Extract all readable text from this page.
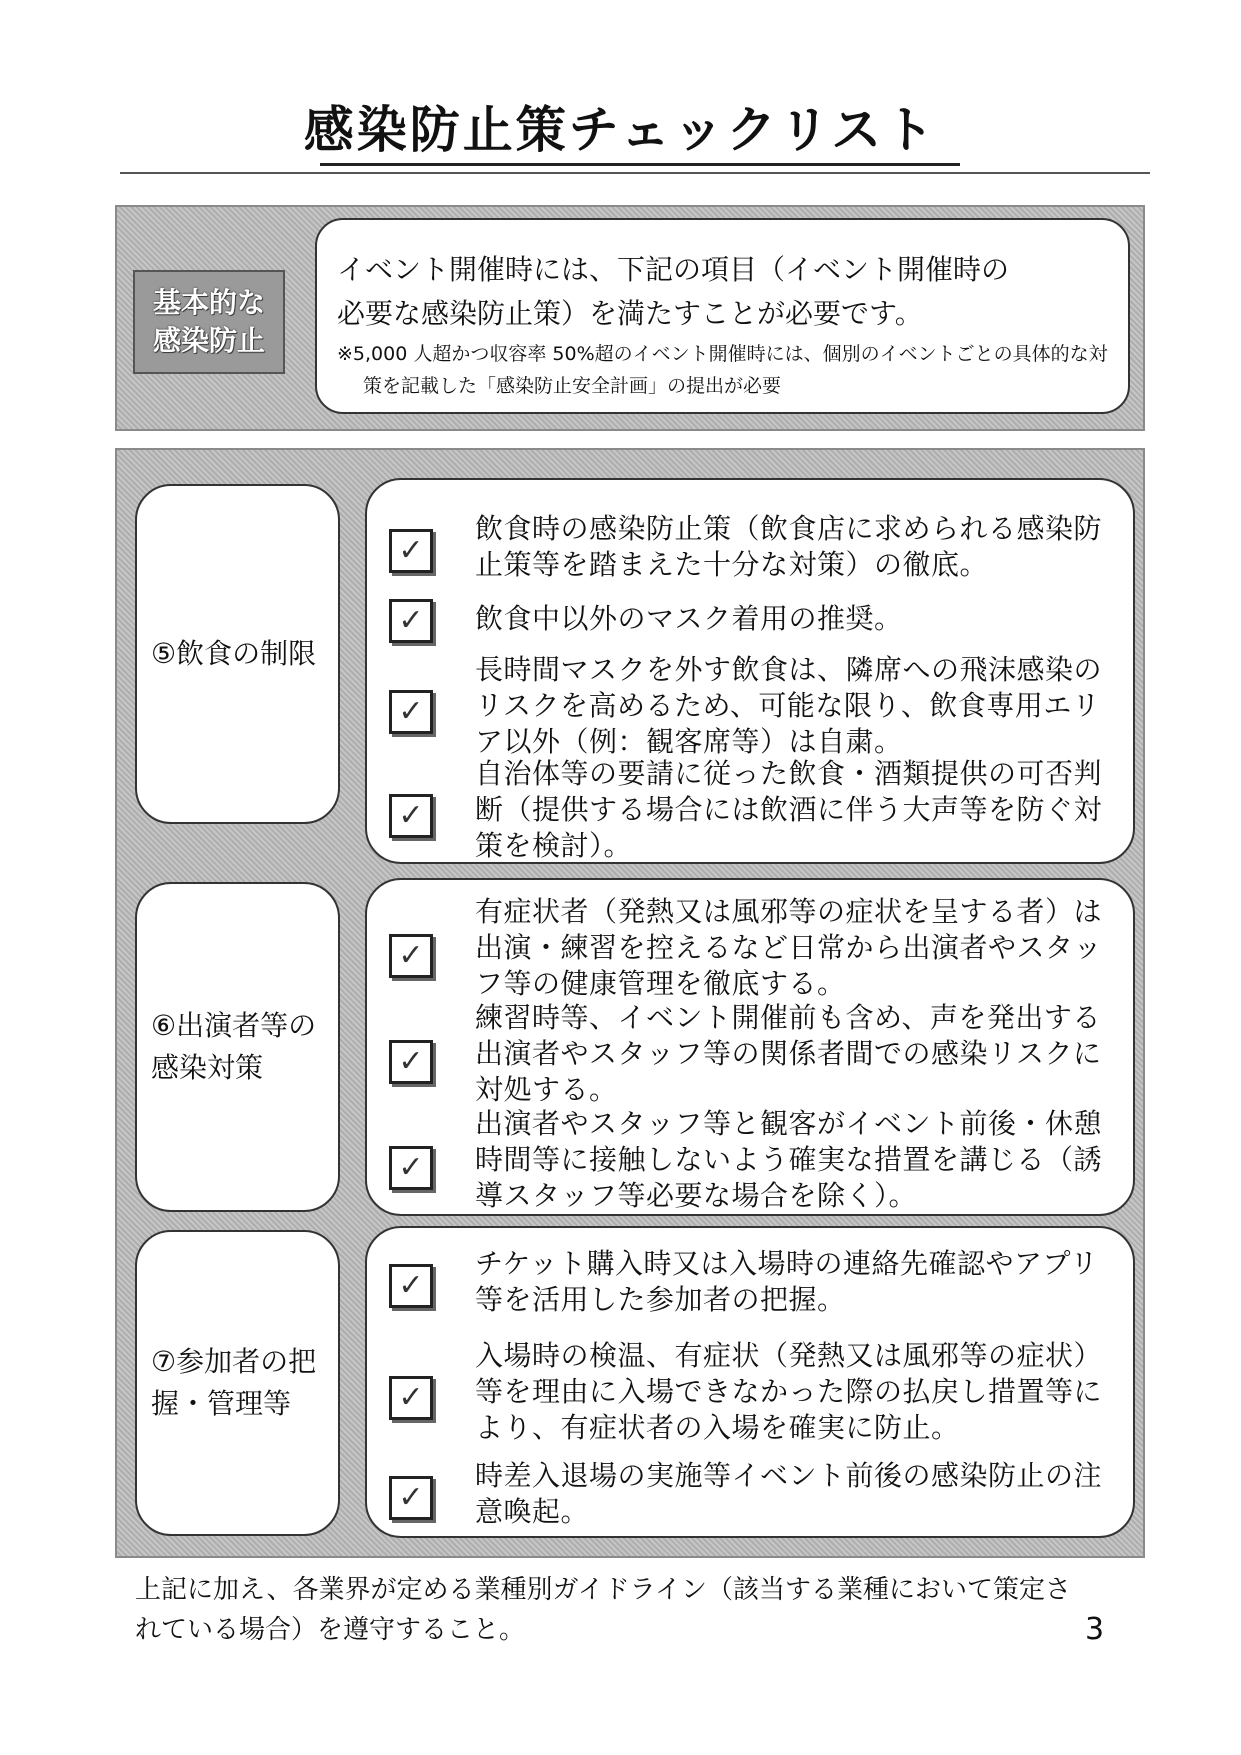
感染防止策チェックリスト
基本的な
感染防止

イベント開催時には、下記の項目（イベント開催時の

必要な感染防止策）を満たすことが必要です。

※5,000 人超かつ収容率 50%超のイベント開催時には、個別のイベントごとの具体的な対策を記載した「感染防止安全計画」の提出が必要

⑤飲食の制限
✓
飲食時の感染防止策（飲食店に求められる感染防止策等を踏まえた十分な対策）の徹底。
✓	飲食中以外のマスク着用の推奨。
✓
長時間マスクを外す飲食は、隣席への飛沫感染のリスクを高めるため、可能な限り、飲食専用エリア以外（例：観客席等）は自粛。
✓
自治体等の要請に従った飲食・酒類提供の可否判断（提供する場合には飲酒に伴う大声等を防ぐ対策を検討）。
⑥出演者等の感染対策
✓
有症状者（発熱又は風邪等の症状を呈する者）は出演・練習を控えるなど日常から出演者やスタッフ等の健康管理を徹底する。
✓
練習時等、イベント開催前も含め、声を発出する出演者やスタッフ等の関係者間での感染リスクに対処する。
✓
出演者やスタッフ等と観客がイベント前後・休憩時間等に接触しないよう確実な措置を講じる（誘導スタッフ等必要な場合を除く）。
⑦参加者の把握・管理等
✓
チケット購入時又は入場時の連絡先確認やアプリ等を活用した参加者の把握。
✓
入場時の検温、有症状（発熱又は風邪等の症状）等を理由に入場できなかった際の払戻し措置等により、有症状者の入場を確実に防止。
✓
時差入退場の実施等イベント前後の感染防止の注意喚起。
上記に加え、各業界が定める業種別ガイドライン（該当する業種において策定されている場合）を遵守すること。	3
